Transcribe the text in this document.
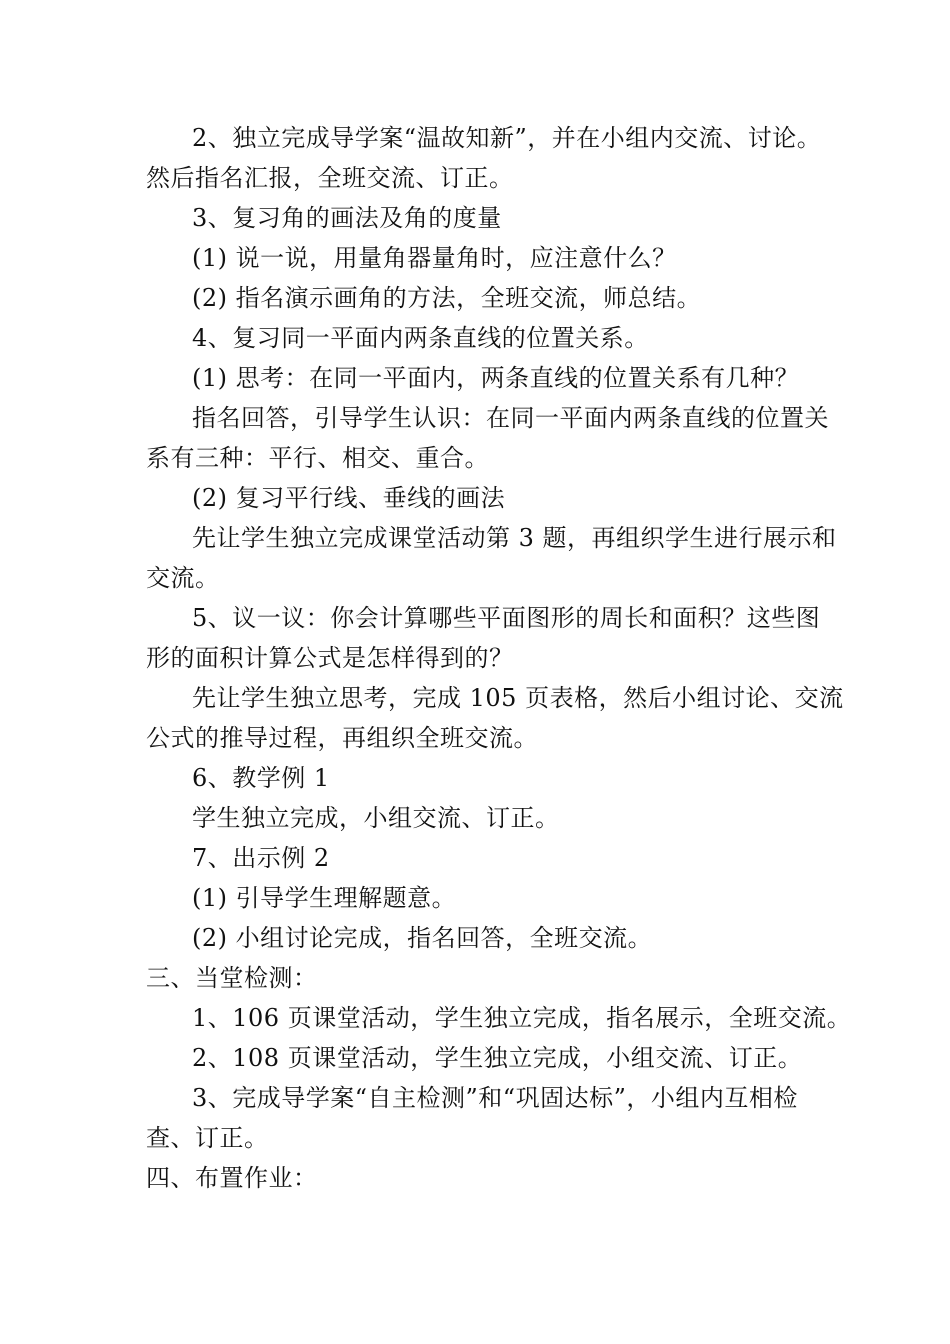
2、独立完成导学案“温故知新”，并在小组内交流、讨论。
然后指名汇报，全班交流、订正。
3、复习角的画法及角的度量
(1) 说一说，用量角器量角时，应注意什么？
(2) 指名演示画角的方法，全班交流，师总结。
4、复习同一平面内两条直线的位置关系。
(1) 思考：在同一平面内，两条直线的位置关系有几种？
指名回答，引导学生认识：在同一平面内两条直线的位置关
系有三种：平行、相交、重合。
(2) 复习平行线、垂线的画法
先让学生独立完成课堂活动第 3 题，再组织学生进行展示和
交流。
5、议一议：你会计算哪些平面图形的周长和面积？这些图
形的面积计算公式是怎样得到的？
先让学生独立思考，完成 105 页表格，然后小组讨论、交流
公式的推导过程，再组织全班交流。
6、教学例 1
学生独立完成，小组交流、订正。
7、出示例 2
(1) 引导学生理解题意。
(2) 小组讨论完成，指名回答，全班交流。
三、当堂检测：
1、106 页课堂活动，学生独立完成，指名展示，全班交流。
2、108 页课堂活动，学生独立完成，小组交流、订正。
3、完成导学案“自主检测”和“巩固达标”，小组内互相检
查、订正。
四、布置作业：
